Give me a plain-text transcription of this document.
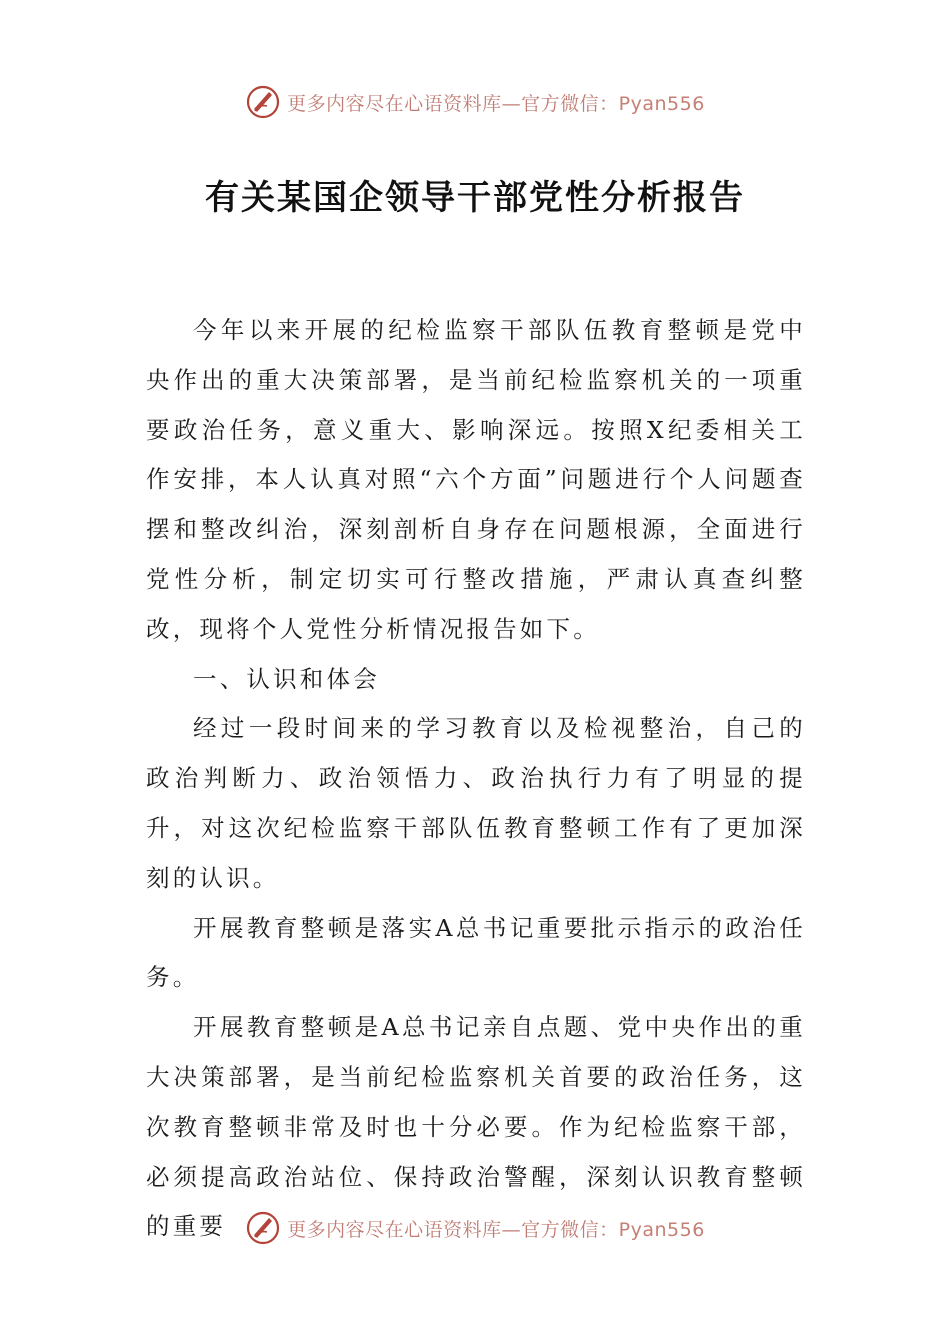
更多内容尽在心语资料库—官方微信：Pyan556
有关某国企领导干部党性分析报告

今年以来开展的纪检监察干部队伍教育整顿是党中央作出的重大决策部署，是当前纪检监察机关的一项重要政治任务，意义重大、影响深远。按照X纪委相关工作安排，本人认真对照“六个方面”问题进行个人问题查摆和整改纠治，深刻剖析自身存在问题根源，全面进行党性分析，制定切实可行整改措施，严肃认真查纠整改，现将个人党性分析情况报告如下。

一、认识和体会

经过一段时间来的学习教育以及检视整治，自己的政治判断力、政治领悟力、政治执行力有了明显的提升，对这次纪检监察干部队伍教育整顿工作有了更加深刻的认识。

开展教育整顿是落实A总书记重要批示指示的政治任务。

开展教育整顿是A总书记亲自点题、党中央作出的重大决策部署，是当前纪检监察机关首要的政治任务，这次教育整顿非常及时也十分必要。作为纪检监察干部，必须提高政治站位、保持政治警醒，深刻认识教育整顿的重要	更多内容尽在心语资料库—官方微信：Pyan556
